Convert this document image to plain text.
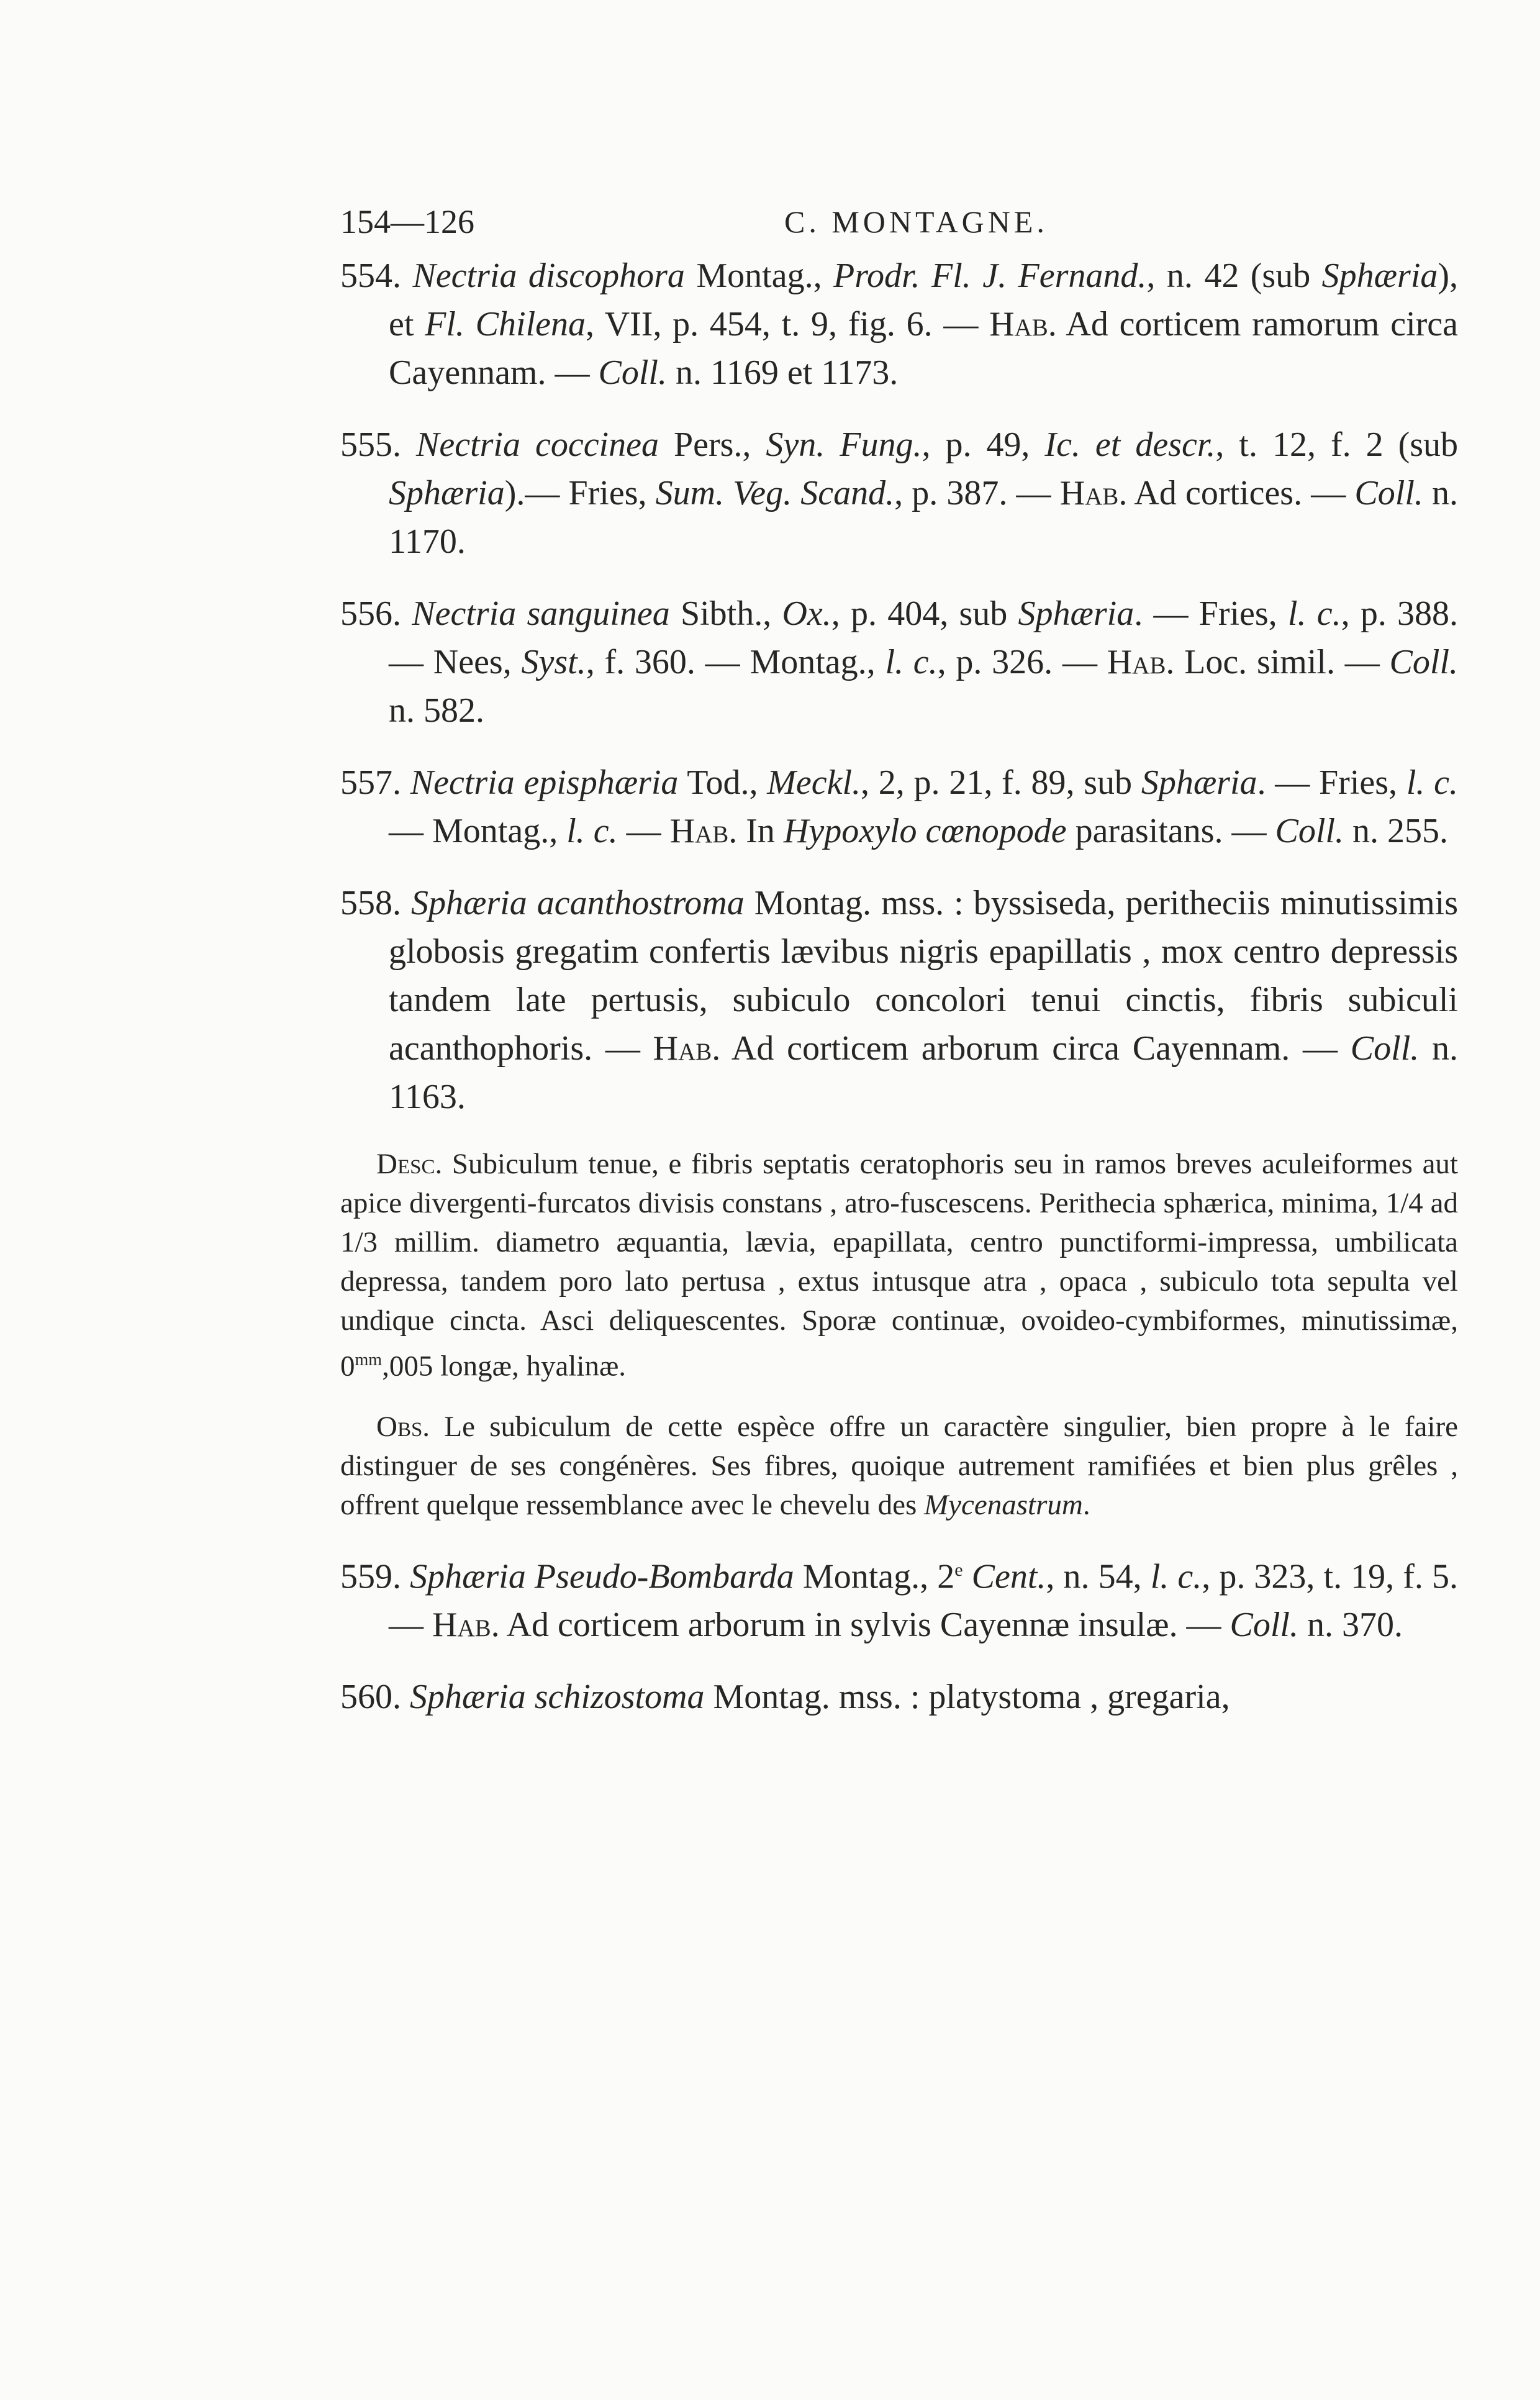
154—126	C. MONTAGNE.

554. Nectria discophora Montag., Prodr. Fl. J. Fernand., n. 42 (sub Sphæria), et Fl. Chilena, VII, p. 454, t. 9, fig. 6. — Hab. Ad corticem ramorum circa Cayennam. — Coll. n. 1169 et 1173.

555. Nectria coccinea Pers., Syn. Fung., p. 49, Ic. et descr., t. 12, f. 2 (sub Sphæria).— Fries, Sum. Veg. Scand., p. 387. — Hab. Ad cortices. — Coll. n. 1170.

556. Nectria sanguinea Sibth., Ox., p. 404, sub Sphæria. — Fries, l. c., p. 388. — Nees, Syst., f. 360. — Montag., l. c., p. 326. — Hab. Loc. simil. — Coll. n. 582.

557. Nectria episphæria Tod., Meckl., 2, p. 21, f. 89, sub Sphæria. — Fries, l. c. — Montag., l. c. — Hab. In Hypoxylo cœnopode parasitans. — Coll. n. 255.

558. Sphæria acanthostroma Montag. mss. : byssiseda, peritheciis minutissimis globosis gregatim confertis lævibus nigris epapillatis , mox centro depressis tandem late pertusis, subiculo concolori tenui cinctis, fibris subiculi acanthophoris. — Hab. Ad corticem arborum circa Cayennam. — Coll. n. 1163.

Desc. Subiculum tenue, e fibris septatis ceratophoris seu in ramos breves aculeiformes aut apice divergenti-furcatos divisis constans , atro-fuscescens. Perithecia sphærica, minima, 1/4 ad 1/3 millim. diametro æquantia, lævia, epapillata, centro punctiformi-impressa, umbilicata depressa, tandem poro lato pertusa , extus intusque atra , opaca , subiculo tota sepulta vel undique cincta. Asci deliquescentes. Sporæ continuæ, ovoideo-cymbiformes, minutissimæ, $0^{mm},005$ longæ, hyalinæ.

Obs. Le subiculum de cette espèce offre un caractère singulier, bien propre à le faire distinguer de ses congénères. Ses fibres, quoique autrement ramifiées et bien plus grêles , offrent quelque ressemblance avec le chevelu des Mycenastrum.

559. Sphæria Pseudo-Bombarda Montag., 2e Cent., n. 54, l. c., p. 323, t. 19, f. 5. — Hab. Ad corticem arborum in sylvis Cayennæ insulæ. — Coll. n. 370.

560. Sphæria schizostoma Montag. mss. : platystoma , gregaria,
